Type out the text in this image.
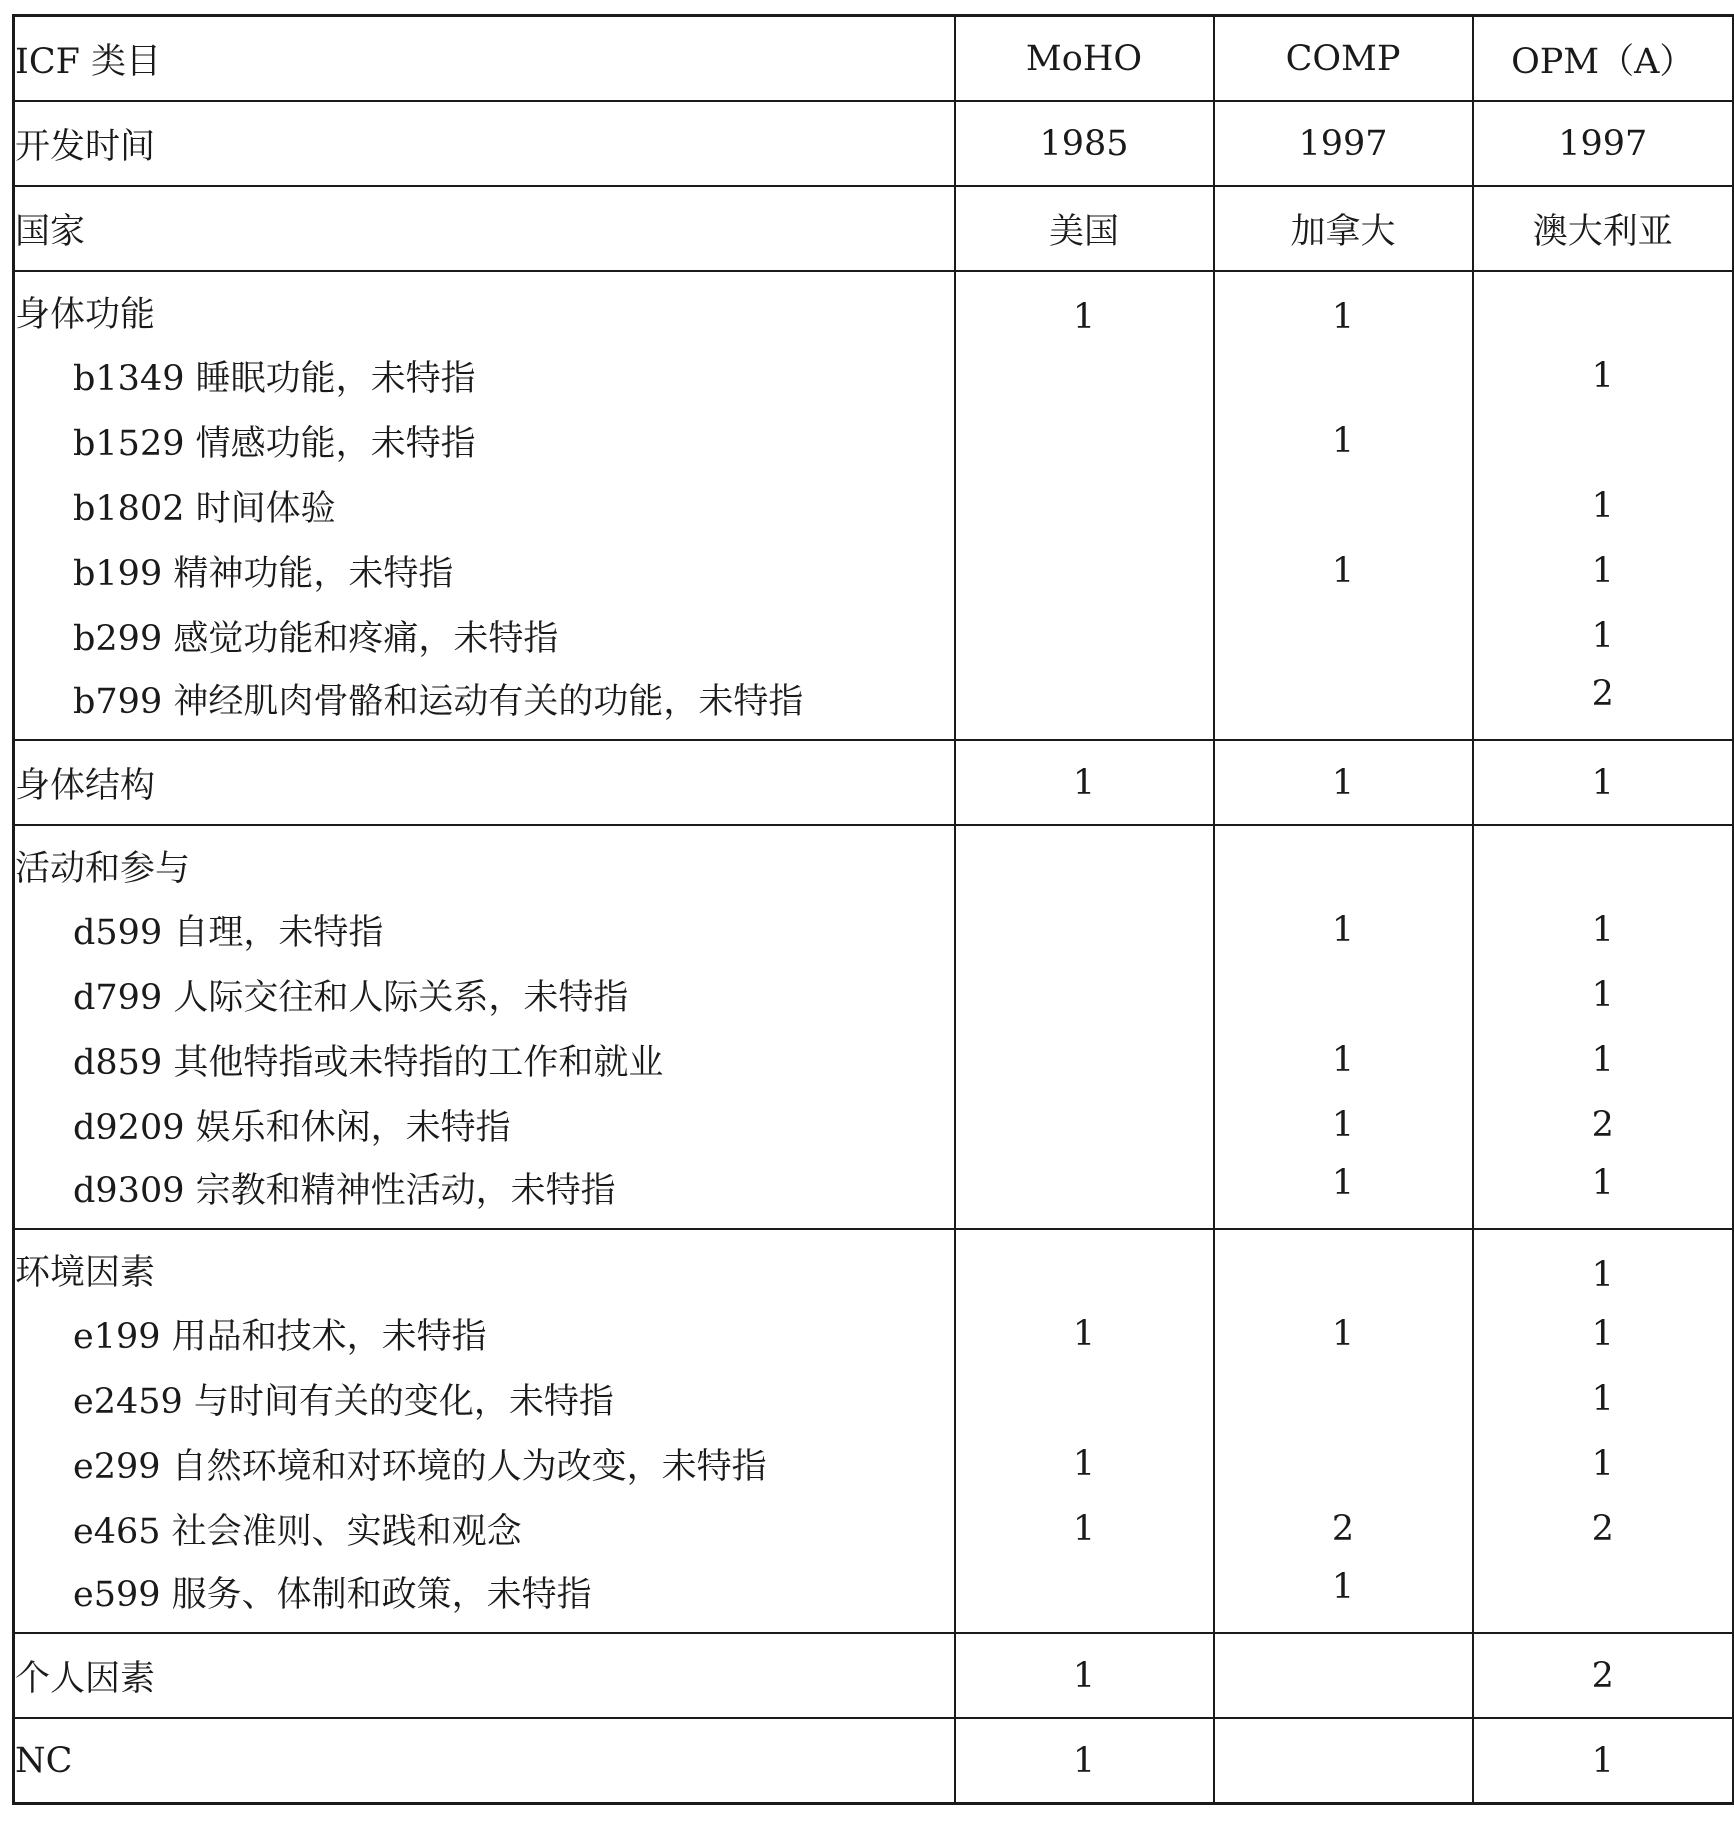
ICF 类目	MoHO	COMP	OPM（A）
开发时间	1985	1997	1997
国家	美国	加拿大	澳大利亚
身体功能	1	1	
b1349 睡眠功能，未特指			1
b1529 情感功能，未特指		1	
b1802 时间体验			1
b199 精神功能，未特指		1	1
b299 感觉功能和疼痛，未特指			1
b799 神经肌肉骨骼和运动有关的功能，未特指			2
身体结构	1	1	1
活动和参与			
d599 自理，未特指		1	1
d799 人际交往和人际关系，未特指			1
d859 其他特指或未特指的工作和就业		1	1
d9209 娱乐和休闲，未特指		1	2
d9309 宗教和精神性活动，未特指		1	1
环境因素			1
e199 用品和技术，未特指	1	1	1
e2459 与时间有关的变化，未特指			1
e299 自然环境和对环境的人为改变，未特指	1		1
e465 社会准则、实践和观念	1	2	2
e599 服务、体制和政策，未特指		1	
个人因素	1		2
NC	1		1
